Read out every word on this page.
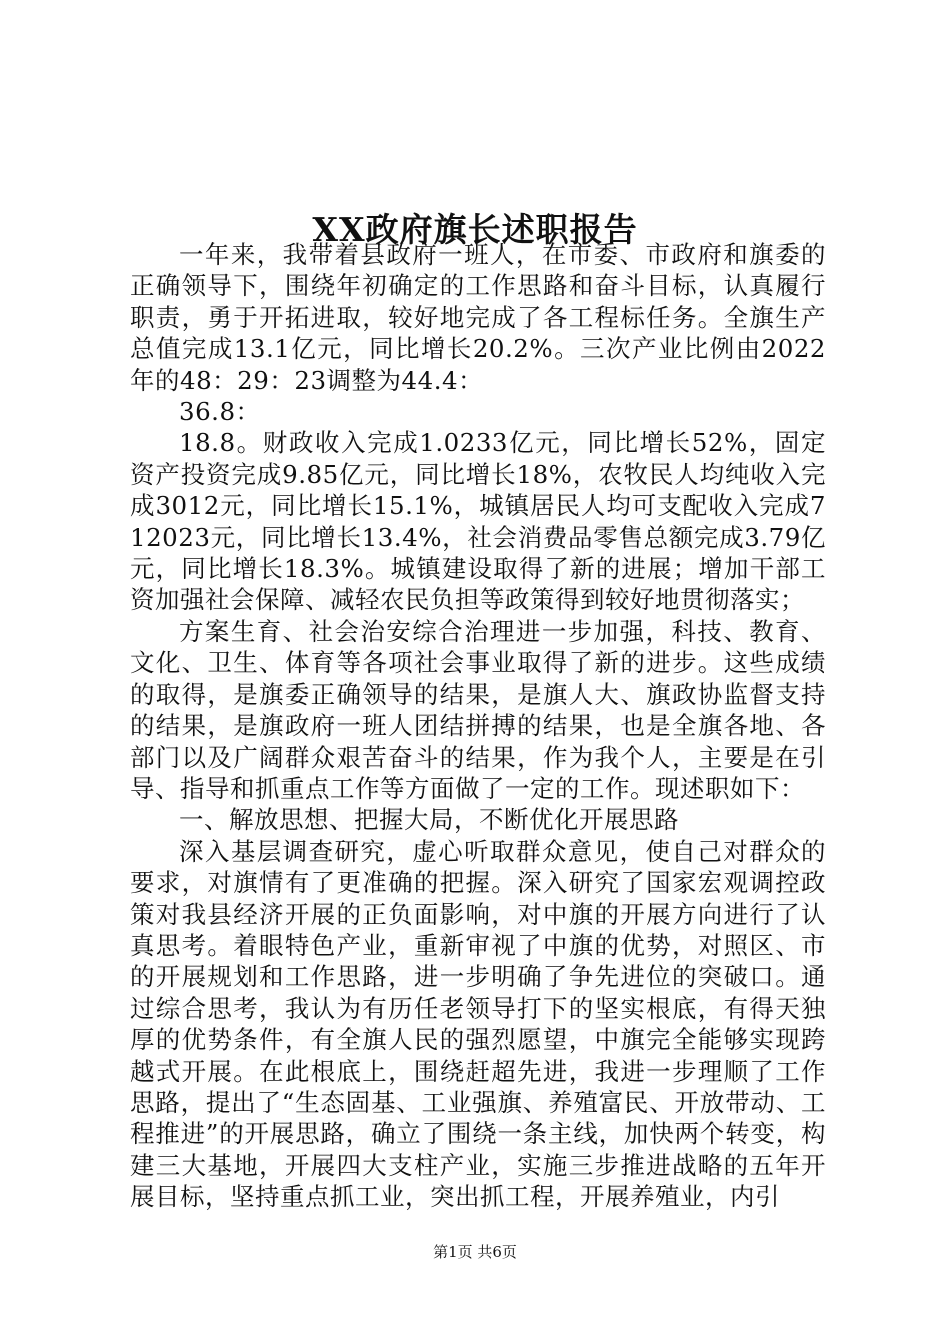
XX政府旗长述职报告

一年来，我带着县政府一班人，在市委、市政府和旗委的正确领导下，围绕年初确定的工作思路和奋斗目标，认真履行职责，勇于开拓进取，较好地完成了各工程标任务。全旗生产总值完成13.1亿元，同比增长20.2%。三次产业比例由2022年的48：29：23调整为44.4：

36.8：

18.8。财政收入完成1.0233亿元，同比增长52%，固定资产投资完成9.85亿元，同比增长18%，农牧民人均纯收入完成3012元，同比增长15.1%，城镇居民人均可支配收入完成712023元，同比增长13.4%，社会消费品零售总额完成3.79亿元，同比增长18.3%。城镇建设取得了新的进展；增加干部工资加强社会保障、减轻农民负担等政策得到较好地贯彻落实；

方案生育、社会治安综合治理进一步加强，科技、教育、文化、卫生、体育等各项社会事业取得了新的进步。这些成绩的取得，是旗委正确领导的结果，是旗人大、旗政协监督支持的结果，是旗政府一班人团结拼搏的结果，也是全旗各地、各部门以及广阔群众艰苦奋斗的结果，作为我个人，主要是在引导、指导和抓重点工作等方面做了一定的工作。现述职如下：

一、解放思想、把握大局，不断优化开展思路

深入基层调查研究，虚心听取群众意见，使自己对群众的要求，对旗情有了更准确的把握。深入研究了国家宏观调控政策对我县经济开展的正负面影响，对中旗的开展方向进行了认真思考。着眼特色产业，重新审视了中旗的优势，对照区、市的开展规划和工作思路，进一步明确了争先进位的突破口。通过综合思考，我认为有历任老领导打下的坚实根底，有得天独厚的优势条件，有全旗人民的强烈愿望，中旗完全能够实现跨越式开展。在此根底上，围绕赶超先进，我进一步理顺了工作思路，提出了“生态固基、工业强旗、养殖富民、开放带动、工程推进”的开展思路，确立了围绕一条主线，加快两个转变，构建三大基地，开展四大支柱产业，实施三步推进战略的五年开展目标，坚持重点抓工业，突出抓工程，开展养殖业，内引

第1页 共6页
